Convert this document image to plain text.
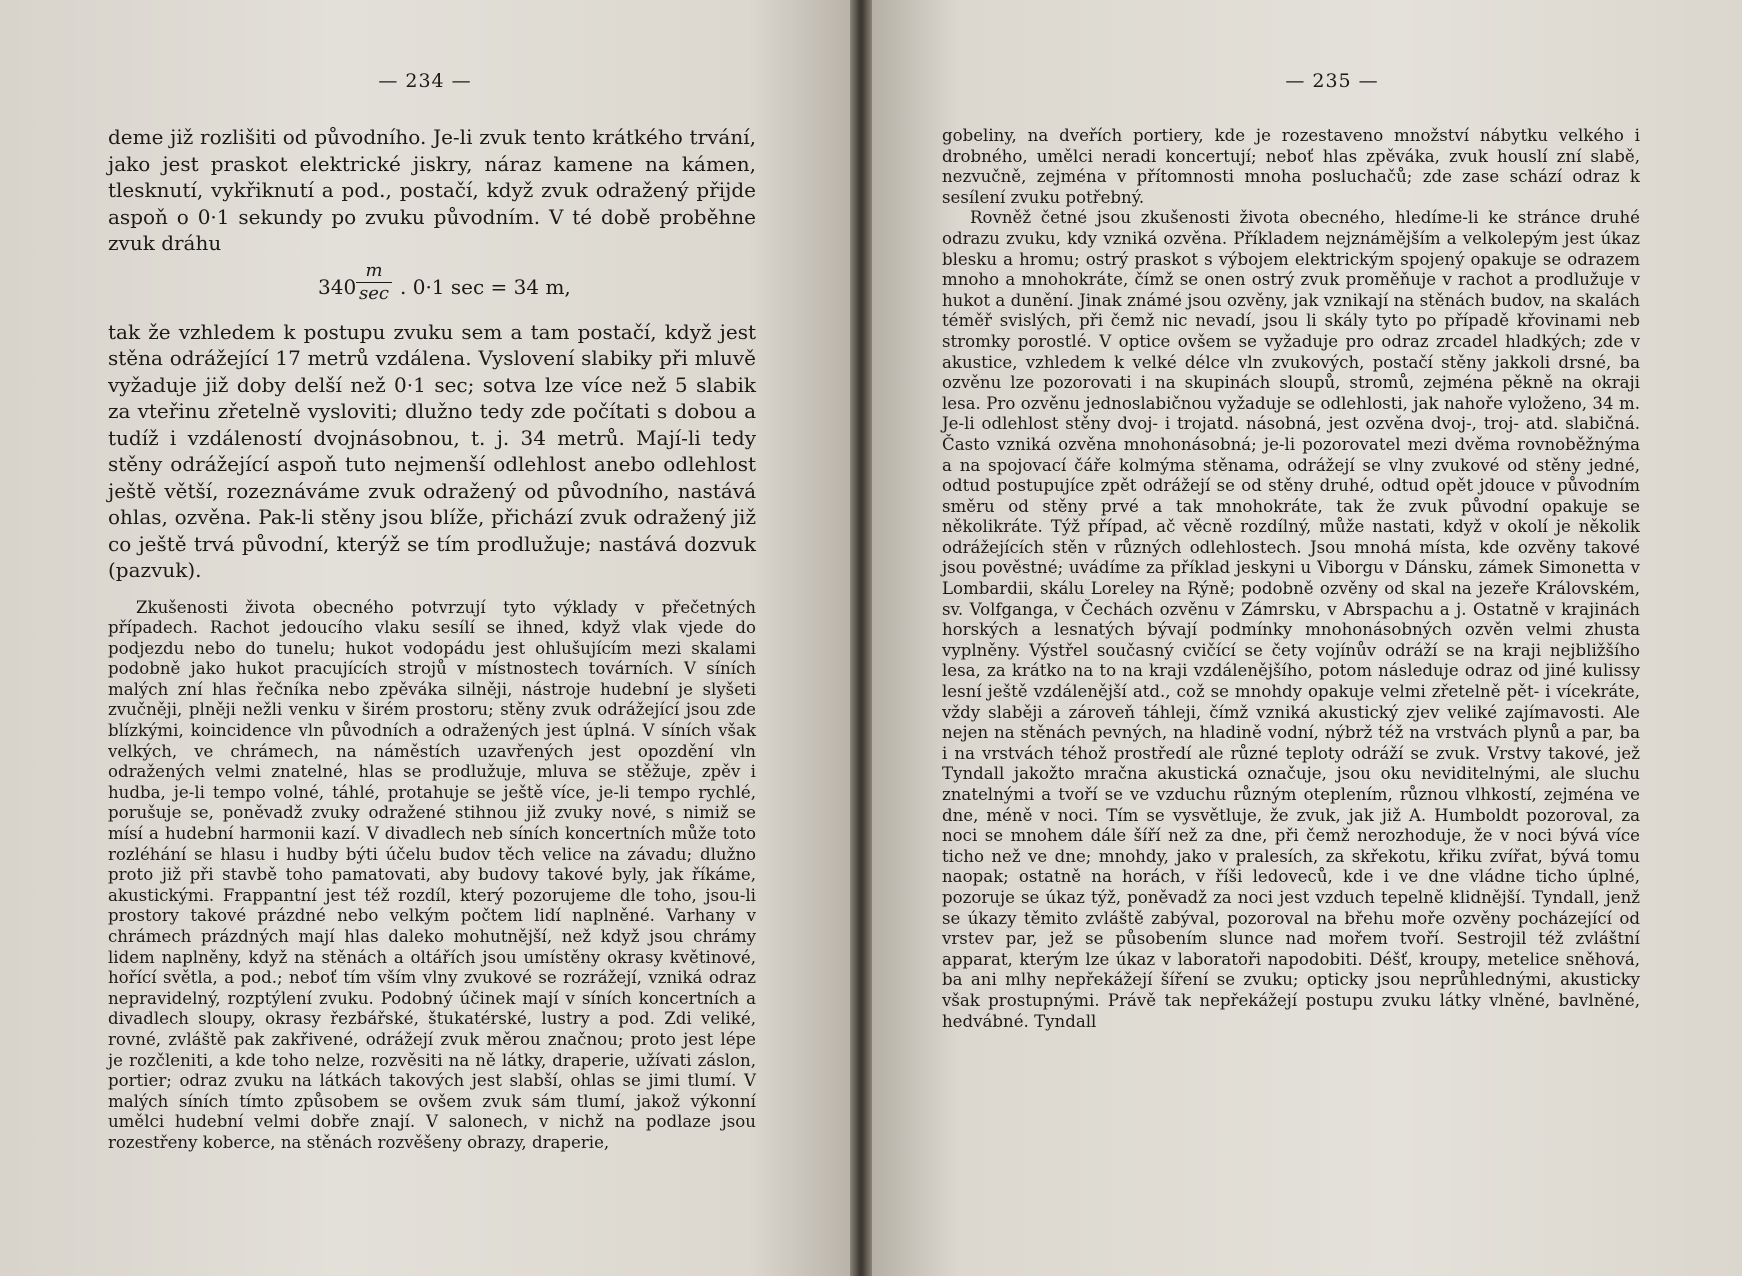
— 234 —

deme již rozlišiti od původního. Je-li zvuk tento krátkého trvání, jako jest praskot elektrické jiskry, náraz kamene na kámen, tlesknutí, vykřiknutí a pod., postačí, když zvuk odražený přijde aspoň o 0·1 sekundy po zvuku původním. V té době proběhne zvuk dráhu

340
m
sec . 0·1 sec = 34 m,

tak že vzhledem k postupu zvuku sem a tam postačí, když jest stěna odrážející 17 metrů vzdálena. Vyslovení slabiky při mluvě vyžaduje již doby delší než 0·1 sec; sotva lze více než 5 slabik za vteřinu zřetelně vysloviti; dlužno tedy zde počítati s dobou a tudíž i vzdáleností dvojnásobnou, t. j. 34 metrů. Mají-li tedy stěny odrážející aspoň tuto nejmenší odlehlost anebo odlehlost ještě větší, rozeznáváme zvuk odražený od původního, nastává ohlas, ozvěna. Pak-li stěny jsou blíže, přichází zvuk odražený již co ještě trvá původní, kterýž se tím prodlužuje; nastává dozvuk (pazvuk).

Zkušenosti života obecného potvrzují tyto výklady v přečetných případech. Rachot jedoucího vlaku sesílí se ihned, když vlak vjede do podjezdu nebo do tunelu; hukot vodopádu jest ohlušujícím mezi skalami podobně jako hukot pracujících strojů v místnostech továrních. V síních malých zní hlas řečníka nebo zpěváka silněji, nástroje hudební je slyšeti zvučněji, plněji nežli venku v širém prostoru; stěny zvuk odrážející jsou zde blízkými, koincidence vln původních a odražených jest úplná. V síních však velkých, ve chrámech, na náměstích uzavřených jest opozdění vln odražených velmi znatelné, hlas se prodlužuje, mluva se stěžuje, zpěv i hudba, je-li tempo volné, táhlé, protahuje se ještě více, je-li tempo rychlé, porušuje se, poněvadž zvuky odražené stihnou již zvuky nové, s nimiž se mísí a hudební harmonii kazí. V divadlech neb síních koncertních může toto rozléhání se hlasu i hudby býti účelu budov těch velice na závadu; dlužno proto již při stavbě toho pamatovati, aby budovy takové byly, jak říkáme, akustickými. Frappantní jest též rozdíl, který pozorujeme dle toho, jsou-li prostory takové prázdné nebo velkým počtem lidí naplněné. Varhany v chrámech prázdných mají hlas daleko mohutnější, než když jsou chrámy lidem naplněny, když na stěnách a oltářích jsou umístěny okrasy květinové, hořící světla, a pod.; neboť tím vším vlny zvukové se rozrážejí, vzniká odraz nepravidelný, rozptýlení zvuku. Podobný účinek mají v síních koncertních a divadlech sloupy, okrasy řezbářské, štukatérské, lustry a pod. Zdi veliké, rovné, zvláště pak zakřivené, odrážejí zvuk měrou značnou; proto jest lépe je rozčleniti, a kde toho nelze, rozvěsiti na ně látky, draperie, užívati záslon, portier; odraz zvuku na látkách takových jest slabší, ohlas se jimi tlumí. V malých síních tímto způsobem se ovšem zvuk sám tlumí, jakož výkonní umělci hudební velmi dobře znají. V salonech, v nichž na podlaze jsou rozestřeny koberce, na stěnách rozvěšeny obrazy, draperie,

— 235 —

gobeliny, na dveřích portiery, kde je rozestaveno množství nábytku velkého i drobného, umělci neradi koncertují; neboť hlas zpěváka, zvuk houslí zní slabě, nezvučně, zejména v přítomnosti mnoha posluchačů; zde zase schází odraz k sesílení zvuku potřebný.

Rovněž četné jsou zkušenosti života obecného, hledíme-li ke stránce druhé odrazu zvuku, kdy vzniká ozvěna. Příkladem nejznámějším a velkolepým jest úkaz blesku a hromu; ostrý praskot s výbojem elektrickým spojený opakuje se odrazem mnoho a mnohokráte, čímž se onen ostrý zvuk proměňuje v rachot a prodlužuje v hukot a dunění. Jinak známé jsou ozvěny, jak vznikají na stěnách budov, na skalách téměř svislých, při čemž nic nevadí, jsou li skály tyto po případě křovinami neb stromky porostlé. V optice ovšem se vyžaduje pro odraz zrcadel hladkých; zde v akustice, vzhledem k velké délce vln zvukových, postačí stěny jakkoli drsné, ba ozvěnu lze pozorovati i na skupinách sloupů, stromů, zejména pěkně na okraji lesa. Pro ozvěnu jednoslabičnou vyžaduje se odlehlosti, jak nahoře vyloženo, 34 m. Je-li odlehlost stěny dvoj- i trojatd. násobná, jest ozvěna dvoj-, troj- atd. slabičná. Často vzniká ozvěna mnohonásobná; je-li pozorovatel mezi dvěma rovnoběžnýma a na spojovací čáře kolmýma stěnama, odrážejí se vlny zvukové od stěny jedné, odtud postupujíce zpět odrážejí se od stěny druhé, odtud opět jdouce v původním směru od stěny prvé a tak mnohokráte, tak že zvuk původní opakuje se několikráte. Týž případ, ač věcně rozdílný, může nastati, když v okolí je několik odrážejících stěn v různých odlehlostech. Jsou mnohá místa, kde ozvěny takové jsou pověstné; uvádíme za příklad jeskyni u Viborgu v Dánsku, zámek Simonetta v Lombardii, skálu Loreley na Rýně; podobně ozvěny od skal na jezeře Královském, sv. Volfganga, v Čechách ozvěnu v Zámrsku, v Abrspachu a j. Ostatně v krajinách horských a lesnatých bývají podmínky mnohonásobných ozvěn velmi zhusta vyplněny. Výstřel současný cvičící se čety vojínův odráží se na kraji nejbližšího lesa, za krátko na to na kraji vzdálenějšího, potom následuje odraz od jiné kulissy lesní ještě vzdálenější atd., což se mnohdy opakuje velmi zřetelně pět- i vícekráte, vždy slaběji a zároveň táhleji, čímž vzniká akustický zjev veliké zajímavosti. Ale nejen na stěnách pevných, na hladině vodní, nýbrž též na vrstvách plynů a par, ba i na vrstvách téhož prostředí ale různé teploty odráží se zvuk. Vrstvy takové, jež Tyndall jakožto mračna akustická označuje, jsou oku neviditelnými, ale sluchu znatelnými a tvoří se ve vzduchu různým oteplením, různou vlhkostí, zejména ve dne, méně v noci. Tím se vysvětluje, že zvuk, jak již A. Humboldt pozoroval, za noci se mnohem dále šíří než za dne, při čemž nerozhoduje, že v noci bývá více ticho než ve dne; mnohdy, jako v pralesích, za skřekotu, křiku zvířat, bývá tomu naopak; ostatně na horách, v říši ledoveců, kde i ve dne vládne ticho úplné, pozoruje se úkaz týž, poněvadž za noci jest vzduch tepelně klidnější. Tyndall, jenž se úkazy těmito zvláště zabýval, pozoroval na břehu moře ozvěny pocházející od vrstev par, jež se působením slunce nad mořem tvoří. Sestrojil též zvláštní apparat, kterým lze úkaz v laboratoři napodobiti. Déšť, kroupy, metelice sněhová, ba ani mlhy nepřekážejí šíření se zvuku; opticky jsou neprůhlednými, akusticky však prostupnými. Právě tak nepřekážejí postupu zvuku látky vlněné, bavlněné, hedvábné. Tyndall
